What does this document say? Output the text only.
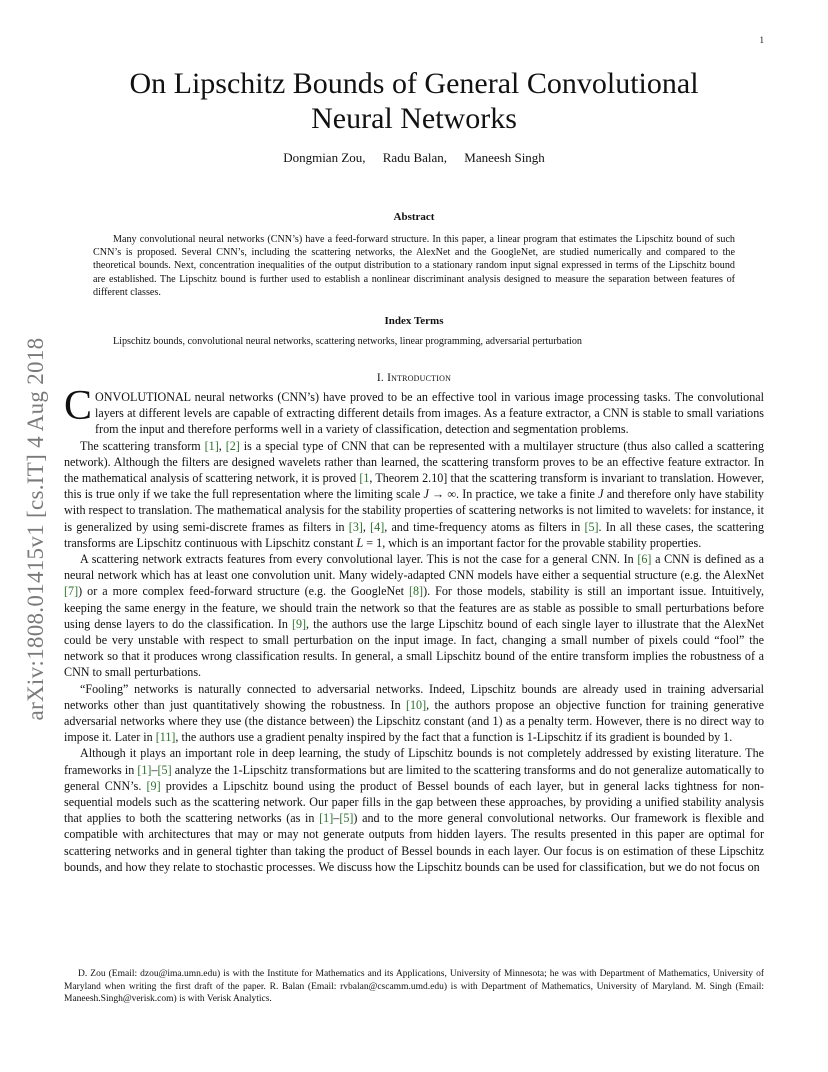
1
arXiv:1808.01415v1 [cs.IT] 4 Aug 2018
On Lipschitz Bounds of General Convolutional
Neural Networks
Dongmian Zou, Radu Balan, Maneesh Singh
Abstract
Many convolutional neural networks (CNN’s) have a feed-forward structure. In this paper, a linear program that estimates the Lipschitz bound of such CNN’s is proposed. Several CNN’s, including the scattering networks, the AlexNet and the GoogleNet, are studied numerically and compared to the theoretical bounds. Next, concentration inequalities of the output distribution to a stationary random input signal expressed in terms of the Lipschitz bound are established. The Lipschitz bound is further used to establish a nonlinear discriminant analysis designed to measure the separation between features of different classes.
Index Terms
Lipschitz bounds, convolutional neural networks, scattering networks, linear programming, adversarial perturbation
I. Introduction

CONVOLUTIONAL neural networks (CNN’s) have proved to be an effective tool in various image processing tasks. The convolutional layers at different levels are capable of extracting different details from images. As a feature extractor, a CNN is stable to small variations from the input and therefore performs well in a variety of classification, detection and segmentation problems.

The scattering transform [1], [2] is a special type of CNN that can be represented with a multilayer structure (thus also called a scattering network). Although the filters are designed wavelets rather than learned, the scattering transform proves to be an effective feature extractor. In the mathematical analysis of scattering network, it is proved [1, Theorem 2.10] that the scattering transform is invariant to translation. However, this is true only if we take the full representation where the limiting scale J → ∞. In practice, we take a finite J and therefore only have stability with respect to translation. The mathematical analysis for the stability properties of scattering networks is not limited to wavelets: for instance, it is generalized by using semi-discrete frames as filters in [3], [4], and time-frequency atoms as filters in [5]. In all these cases, the scattering transforms are Lipschitz continuous with Lipschitz constant L = 1, which is an important factor for the provable stability properties.

A scattering network extracts features from every convolutional layer. This is not the case for a general CNN. In [6] a CNN is defined as a neural network which has at least one convolution unit. Many widely-adapted CNN models have either a sequential structure (e.g. the AlexNet [7]) or a more complex feed-forward structure (e.g. the GoogleNet [8]). For those models, stability is still an important issue. Intuitively, keeping the same energy in the feature, we should train the network so that the features are as stable as possible to small perturbations before using dense layers to do the classification. In [9], the authors use the large Lipschitz bound of each single layer to illustrate that the AlexNet could be very unstable with respect to small perturbation on the input image. In fact, changing a small number of pixels could “fool” the network so that it produces wrong classification results. In general, a small Lipschitz bound of the entire transform implies the robustness of a CNN to small perturbations.

“Fooling” networks is naturally connected to adversarial networks. Indeed, Lipschitz bounds are already used in training adversarial networks other than just quantitatively showing the robustness. In [10], the authors propose an objective function for training generative adversarial networks where they use (the distance between) the Lipschitz constant (and 1) as a penalty term. However, there is no direct way to impose it. Later in [11], the authors use a gradient penalty inspired by the fact that a function is 1-Lipschitz if its gradient is bounded by 1.

Although it plays an important role in deep learning, the study of Lipschitz bounds is not completely addressed by existing literature. The frameworks in [1]–[5] analyze the 1-Lipschitz transformations but are limited to the scattering transforms and do not generalize automatically to general CNN’s. [9] provides a Lipschitz bound using the product of Bessel bounds of each layer, but in general lacks tightness for non-sequential models such as the scattering network. Our paper fills in the gap between these approaches, by providing a unified stability analysis that applies to both the scattering networks (as in [1]–[5]) and to the more general convolutional networks. Our framework is flexible and compatible with architectures that may or may not generate outputs from hidden layers. The results presented in this paper are optimal for scattering networks and in general tighter than taking the product of Bessel bounds in each layer. Our focus is on estimation of these Lipschitz bounds, and how they relate to stochastic processes. We discuss how the Lipschitz bounds can be used for classification, but we do not focus on

D. Zou (Email: dzou@ima.umn.edu) is with the Institute for Mathematics and its Applications, University of Minnesota; he was with Department of Mathematics, University of Maryland when writing the first draft of the paper. R. Balan (Email: rvbalan@cscamm.umd.edu) is with Department of Mathematics, University of Maryland. M. Singh (Email: Maneesh.Singh@verisk.com) is with Verisk Analytics.
